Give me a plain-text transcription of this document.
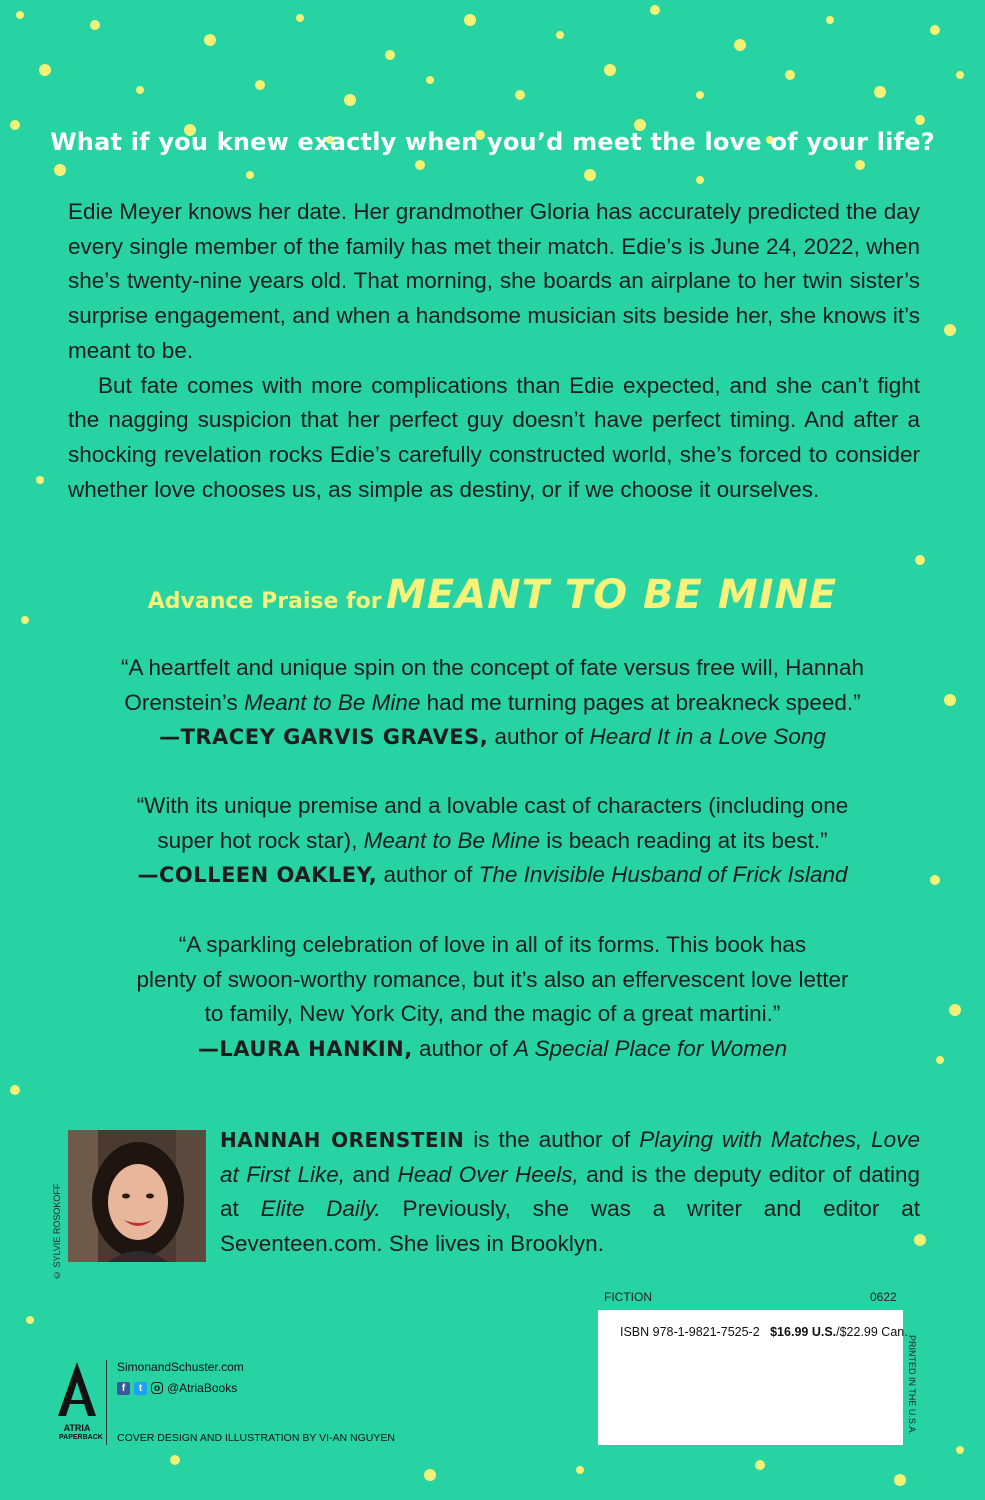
What if you knew exactly when you’d meet the love of your life?

Edie Meyer knows her date. Her grandmother Gloria has accurately predicted the day every single member of the family has met their match. Edie’s is June 24, 2022, when she’s twenty-nine years old. That morning, she boards an airplane to her twin sister’s surprise engagement, and when a handsome musician sits beside her, she knows it’s meant to be.

But fate comes with more complications than Edie expected, and she can’t fight the nagging suspicion that her perfect guy doesn’t have perfect timing. And after a shocking revelation rocks Edie’s carefully constructed world, she’s forced to consider whether love chooses us, as simple as destiny, or if we choose it ourselves.

Advance Praise for MEANT TO BE MINE
“A heartfelt and unique spin on the concept of fate versus free will, Hannah
Orenstein’s Meant to Be Mine had me turning pages at breakneck speed.”
—TRACEY GARVIS GRAVES, author of Heard It in a Love Song
“With its unique premise and a lovable cast of characters (including one
super hot rock star), Meant to Be Mine is beach reading at its best.”
—COLLEEN OAKLEY, author of The Invisible Husband of Frick Island
“A sparkling celebration of love in all of its forms. This book has
plenty of swoon-worthy romance, but it’s also an effervescent love letter
to family, New York City, and the magic of a great martini.”
—LAURA HANKIN, author of A Special Place for Women
© SYLVIE ROSOKOFF
HANNAH ORENSTEIN is the author of Playing with Matches, Love at First Like, and Head Over Heels, and is the deputy editor of dating at Elite Daily. Previously, she was a writer and editor at Seventeen.com. She lives in Brooklyn.
FICTION	0622
ISBN 978-1-9821-7525-2 $16.99 U.S./$22.99 Can.
PRINTED IN THE U.S.A.
ATRIA
PAPERBACK
SimonandSchuster.com
f	t	o @AtriaBooks
COVER DESIGN AND ILLUSTRATION BY VI-AN NGUYEN
